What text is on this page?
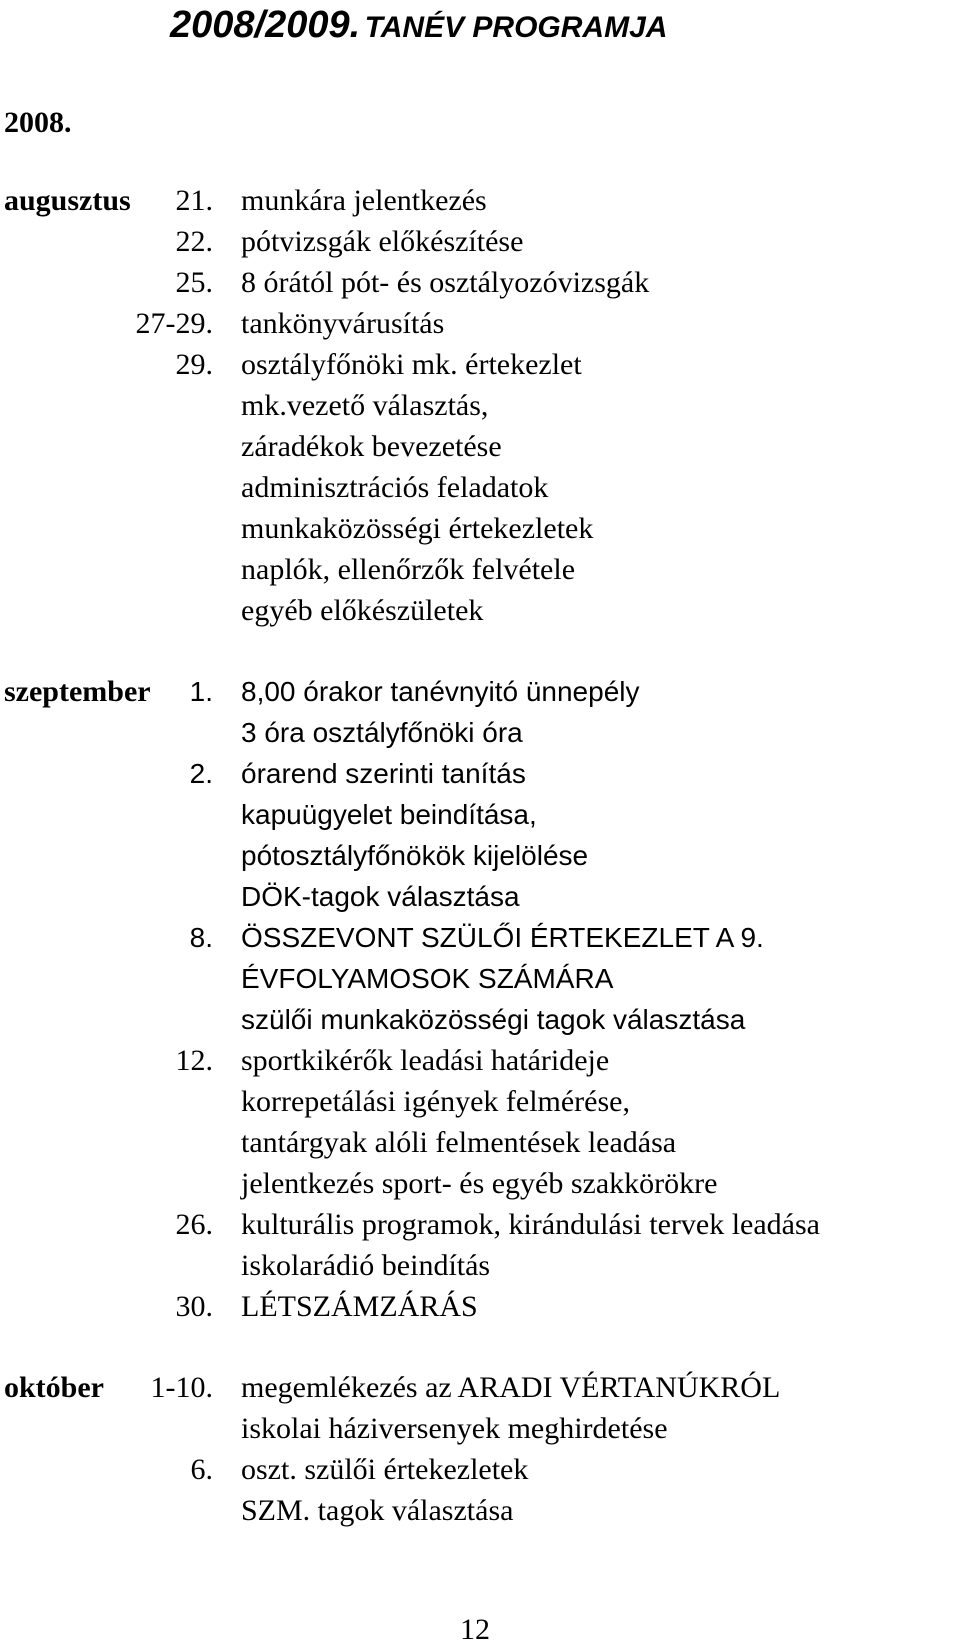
2008/2009. TANÉV PROGRAMJA
2008.
augusztus 21. munkára jelentkezés
22. pótvizsgák előkészítése
25. 8 órától pót- és osztályozóvizsgák
27-29. tankönyvárusítás
29. osztályfőnöki mk. értekezlet
mk.vezető választás,
záradékok bevezetése
adminisztrációs feladatok
munkaközösségi értekezletek
naplók, ellenőrzők felvétele
egyéb előkészületek
szeptember 1. 8,00 órakor tanévnyitó ünnepély
3 óra osztályfőnöki óra
2. órarend szerinti tanítás
kapuügyelet beindítása,
pótosztályfőnökök kijelölése
DÖK-tagok választása
8. ÖSSZEVONT SZÜLŐI ÉRTEKEZLET A 9.
ÉVFOLYAMOSOK SZÁMÁRA
szülői munkaközösségi tagok választása
12. sportkikérők leadási határideje
korrepetálási igények felmérése,
tantárgyak alóli felmentések leadása
jelentkezés sport- és egyéb szakkörökre
26. kulturális programok, kirándulási tervek leadása
iskolarádió beindítás
30. LÉTSZÁMZÁRÁS
október 1-10. megemlékezés az ARADI VÉRTANÚKRÓL
iskolai háziversenyek meghirdetése
6. oszt. szülői értekezletek
SZM. tagok választása
12
